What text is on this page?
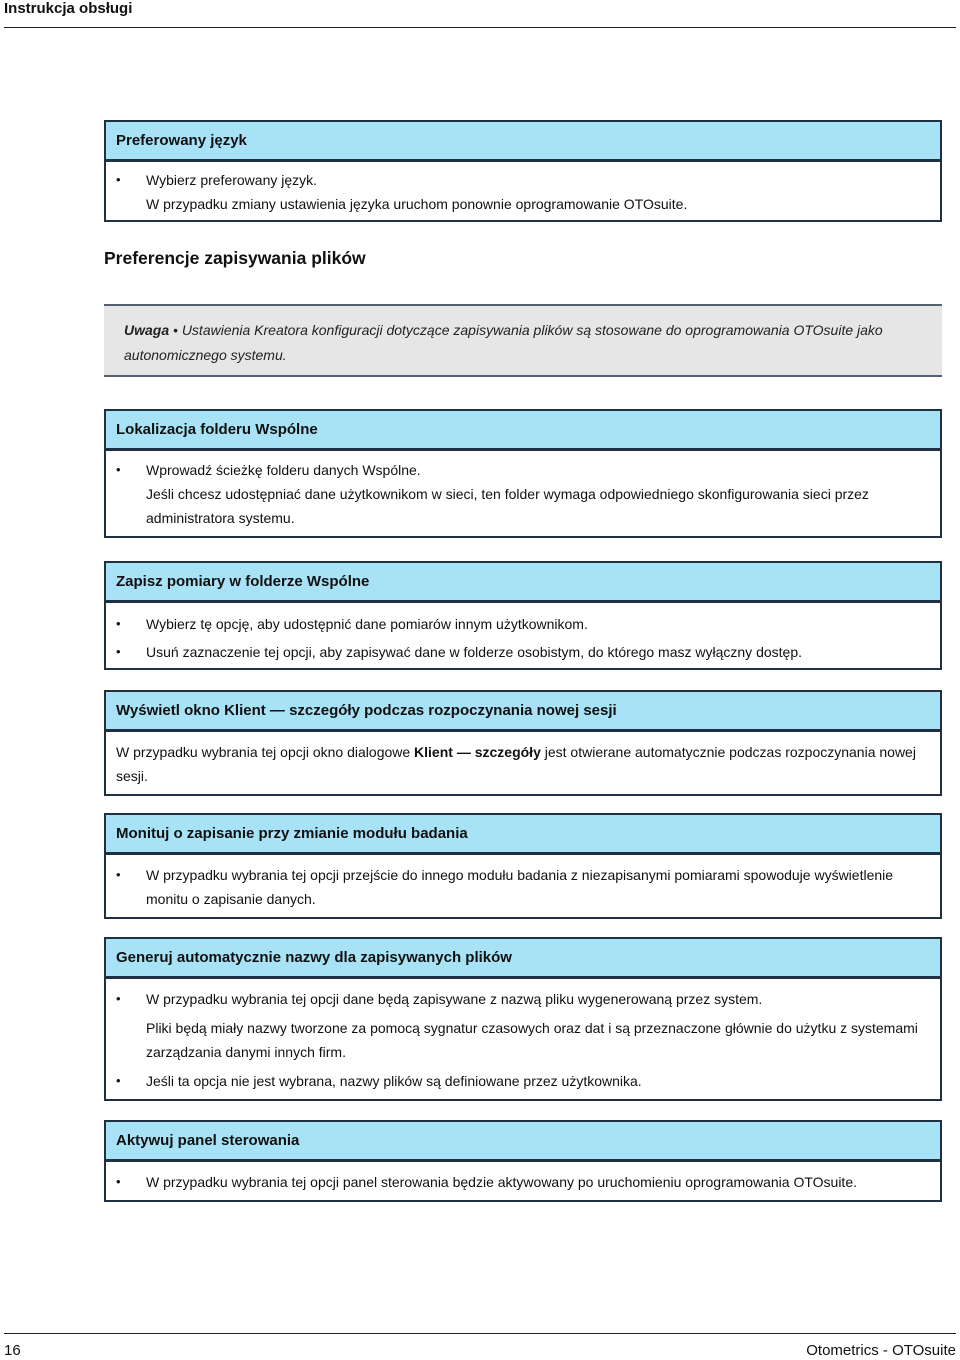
Instrukcja obsługi
Preferowany język
•	Wybierz preferowany język.
W przypadku zmiany ustawienia języka uruchom ponownie oprogramowanie OTOsuite.
Preferencje zapisywania plików
Uwaga • Ustawienia Kreatora konfiguracji dotyczące zapisywania plików są stosowane do oprogramowania OTOsuite jako autonomicznego systemu.
Lokalizacja folderu Wspólne
•	Wprowadź ścieżkę folderu danych Wspólne.
Jeśli chcesz udostępniać dane użytkownikom w sieci, ten folder wymaga odpowiedniego skonfigurowania sieci przez administratora systemu.
Zapisz pomiary w folderze Wspólne
•	Wybierz tę opcję, aby udostępnić dane pomiarów innym użytkownikom.
•	Usuń zaznaczenie tej opcji, aby zapisywać dane w folderze osobistym, do którego masz wyłączny dostęp.
Wyświetl okno Klient — szczegóły podczas rozpoczynania nowej sesji
W przypadku wybrania tej opcji okno dialogowe Klient — szczegóły jest otwierane automatycznie podczas rozpoczynania nowej sesji.
Monituj o zapisanie przy zmianie modułu badania
•	W przypadku wybrania tej opcji przejście do innego modułu badania z niezapisanymi pomiarami spowoduje wyświetlenie monitu o zapisanie danych.
Generuj automatycznie nazwy dla zapisywanych plików
•	W przypadku wybrania tej opcji dane będą zapisywane z nazwą pliku wygenerowaną przez system.
Pliki będą miały nazwy tworzone za pomocą sygnatur czasowych oraz dat i są przeznaczone głównie do użytku z systemami zarządzania danymi innych firm.
•	Jeśli ta opcja nie jest wybrana, nazwy plików są definiowane przez użytkownika.
Aktywuj panel sterowania
•	W przypadku wybrania tej opcji panel sterowania będzie aktywowany po uruchomieniu oprogramowania OTOsuite.
16	Otometrics - OTOsuite
